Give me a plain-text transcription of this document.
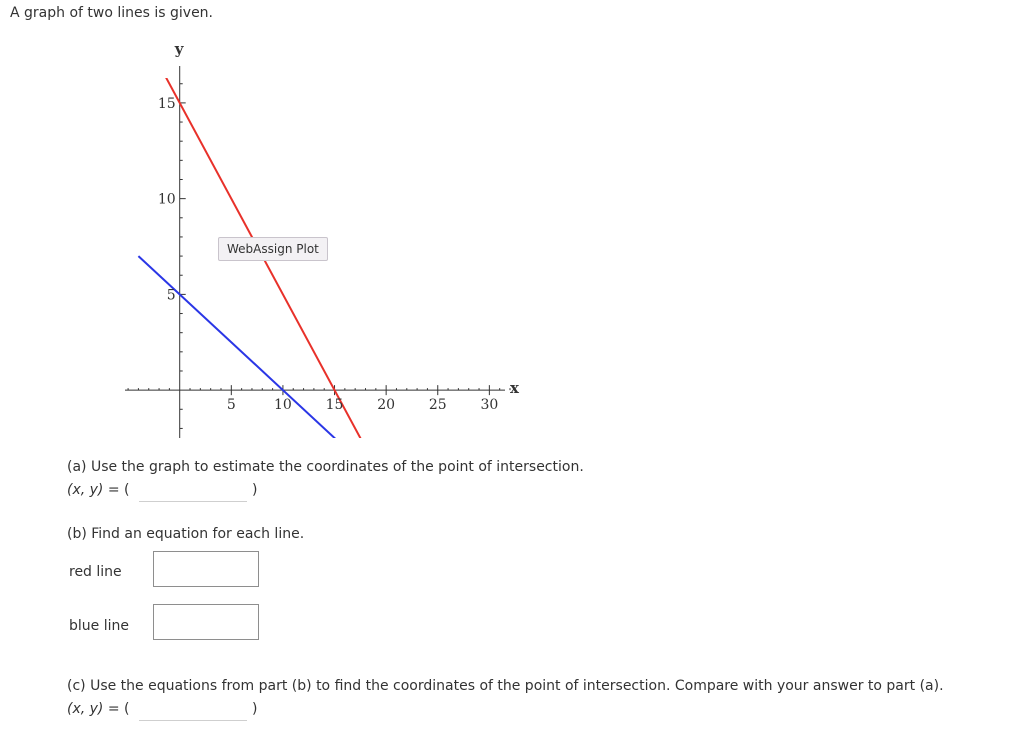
A graph of two lines is given.
5	10 15 20 25 30
5
10
15
x
y
WebAssign Plot
(a) Use the graph to estimate the coordinates of the point of intersection.
(x, y) = (	)
(b) Find an equation for each line.
red line
blue line
(c) Use the equations from part (b) to find the coordinates of the point of intersection. Compare with your answer to part (a).
(x, y) = (	)
